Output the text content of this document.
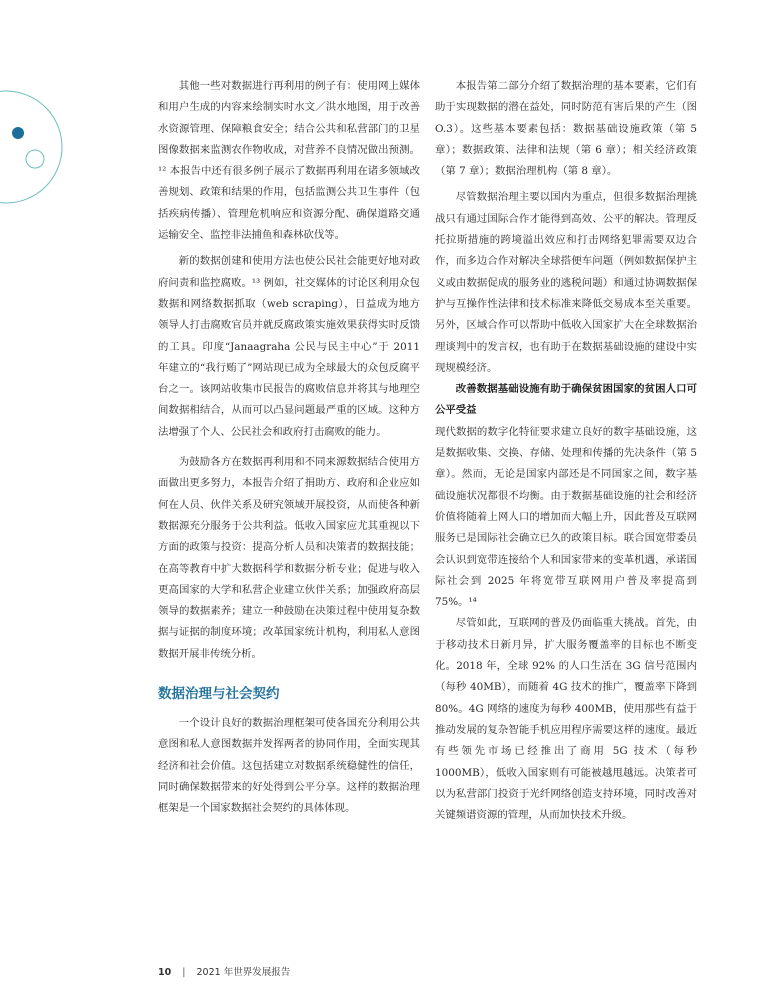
其他一些对数据进行再利用的例子有：使用网上媒体和用户生成的内容来绘制实时水文／洪水地图，用于改善水资源管理、保障粮食安全；结合公共和私营部门的卫星图像数据来监测农作物收成，对营养不良情况做出预测。¹² 本报告中还有很多例子展示了数据再利用在诸多领域改善规划、政策和结果的作用，包括监测公共卫生事件（包括疾病传播）、管理危机响应和资源分配、确保道路交通运输安全、监控非法捕鱼和森林砍伐等。

新的数据创建和使用方法也使公民社会能更好地对政府问责和监控腐败。¹³ 例如，社交媒体的讨论区利用众包数据和网络数据抓取（web scraping），日益成为地方领导人打击腐败官员并就反腐政策实施效果获得实时反馈的工具。印度“Janaagraha 公民与民主中心”于 2011 年建立的“我行贿了”网站现已成为全球最大的众包反腐平台之一。该网站收集市民报告的腐败信息并将其与地理空间数据相结合，从而可以凸显问题最严重的区域。这种方法增强了个人、公民社会和政府打击腐败的能力。

为鼓励各方在数据再利用和不同来源数据结合使用方面做出更多努力，本报告介绍了捐助方、政府和企业应如何在人员、伙伴关系及研究领域开展投资，从而使各种新数据源充分服务于公共利益。低收入国家应尤其重视以下方面的政策与投资：提高分析人员和决策者的数据技能；在高等教育中扩大数据科学和数据分析专业；促进与收入更高国家的大学和私营企业建立伙伴关系；加强政府高层领导的数据素养；建立一种鼓励在决策过程中使用复杂数据与证据的制度环境；改革国家统计机构，利用私人意图数据开展非传统分析。

数据治理与社会契约

一个设计良好的数据治理框架可使各国充分利用公共意图和私人意图数据并发挥两者的协同作用，全面实现其经济和社会价值。这包括建立对数据系统稳健性的信任，同时确保数据带来的好处得到公平分享。这样的数据治理框架是一个国家数据社会契约的具体体现。

本报告第二部分介绍了数据治理的基本要素，它们有助于实现数据的潜在益处，同时防范有害后果的产生（图 O.3）。这些基本要素包括：数据基础设施政策（第 5 章）；数据政策、法律和法规（第 6 章）；相关经济政策（第 7 章）；数据治理机构（第 8 章）。

尽管数据治理主要以国内为重点，但很多数据治理挑战只有通过国际合作才能得到高效、公平的解决。管理反托拉斯措施的跨境溢出效应和打击网络犯罪需要双边合作，而多边合作对解决全球搭便车问题（例如数据保护主义或由数据促成的服务业的逃税问题）和通过协调数据保护与互操作性法律和技术标准来降低交易成本至关重要。另外，区域合作可以帮助中低收入国家扩大在全球数据治理谈判中的发言权，也有助于在数据基础设施的建设中实现规模经济。

改善数据基础设施有助于确保贫困国家的贫困人口可公平受益

现代数据的数字化特征要求建立良好的数字基础设施，这是数据收集、交换、存储、处理和传播的先决条件（第 5 章）。然而，无论是国家内部还是不同国家之间，数字基础设施状况都很不均衡。由于数据基础设施的社会和经济价值将随着上网人口的增加而大幅上升，因此普及互联网服务已是国际社会确立已久的政策目标。联合国宽带委员会认识到宽带连接给个人和国家带来的变革机遇，承诺国际社会到 2025 年将宽带互联网用户普及率提高到 75%。¹⁴

尽管如此，互联网的普及仍面临重大挑战。首先，由于移动技术日新月异，扩大服务覆盖率的目标也不断变化。2018 年，全球 92% 的人口生活在 3G 信号范围内（每秒 40MB），而随着 4G 技术的推广，覆盖率下降到 80%。4G 网络的速度为每秒 400MB，使用那些有益于推动发展的复杂智能手机应用程序需要这样的速度。最近有些领先市场已经推出了商用 5G 技术（每秒 1000MB），低收入国家则有可能被越甩越远。决策者可以为私营部门投资于光纤网络创造支持环境，同时改善对关键频谱资源的管理，从而加快技术升级。

10 | 2021 年世界发展报告
